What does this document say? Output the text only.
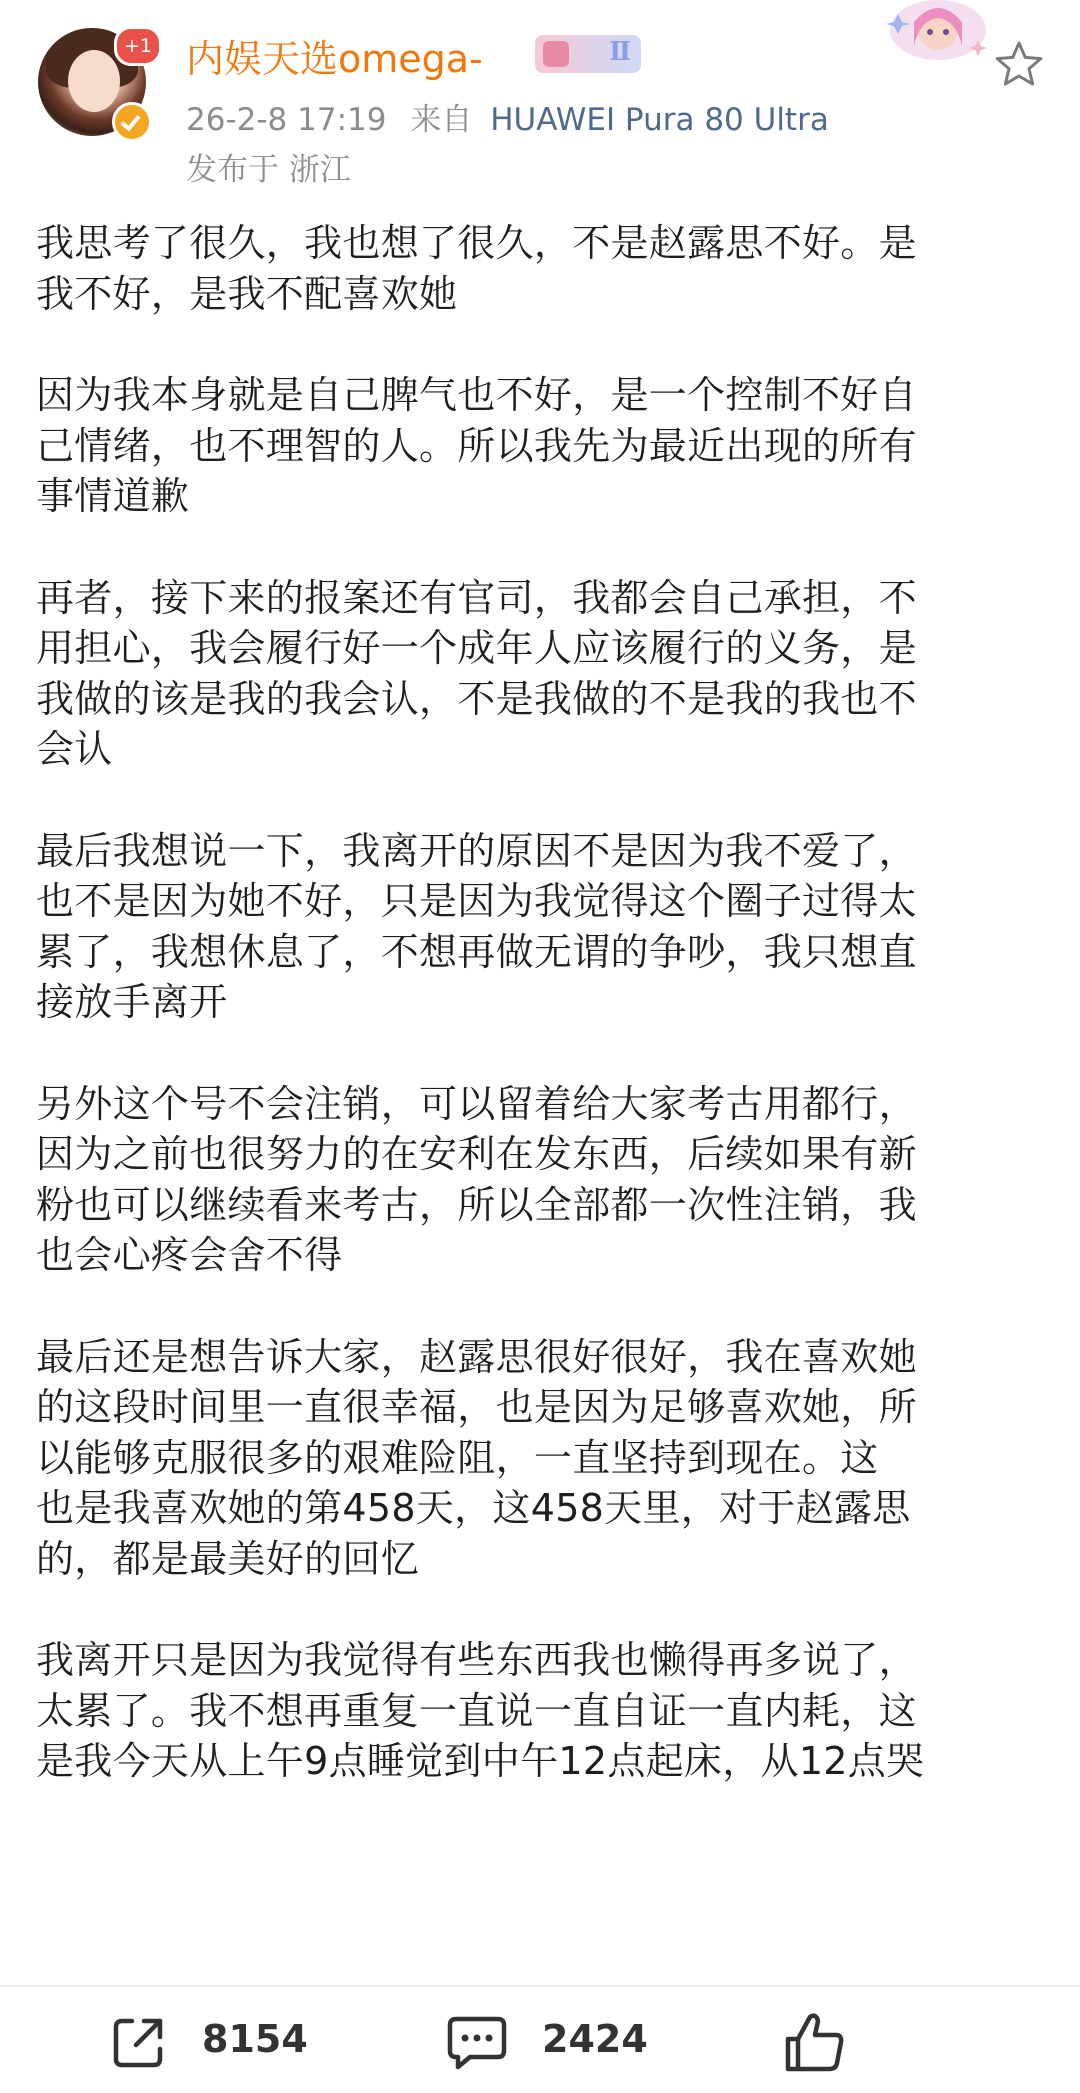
+1 内娱天选omega-	Ⅱ
26-2-8 17:19 来自 HUAWEI Pura 80 Ultra
发布于 浙江
我思考了很久，我也想了很久，不是赵露思不好。是
我不好，是我不配喜欢她
因为我本身就是自己脾气也不好，是一个控制不好自
己情绪，也不理智的人。所以我先为最近出现的所有
事情道歉
再者，接下来的报案还有官司，我都会自己承担，不
用担心，我会履行好一个成年人应该履行的义务，是
我做的该是我的我会认，不是我做的不是我的我也不
会认
最后我想说一下，我离开的原因不是因为我不爱了，
也不是因为她不好，只是因为我觉得这个圈子过得太
累了，我想休息了，不想再做无谓的争吵，我只想直
接放手离开
另外这个号不会注销，可以留着给大家考古用都行，
因为之前也很努力的在安利在发东西，后续如果有新
粉也可以继续看来考古，所以全部都一次性注销，我
也会心疼会舍不得
最后还是想告诉大家，赵露思很好很好，我在喜欢她
的这段时间里一直很幸福，也是因为足够喜欢她，所
以能够克服很多的艰难险阻，一直坚持到现在。这
也是我喜欢她的第458天，这458天里，对于赵露思
的，都是最美好的回忆
我离开只是因为我觉得有些东西我也懒得再多说了，
太累了。我不想再重复一直说一直自证一直内耗，这
是我今天从上午9点睡觉到中午12点起床，从12点哭
8154	2424
